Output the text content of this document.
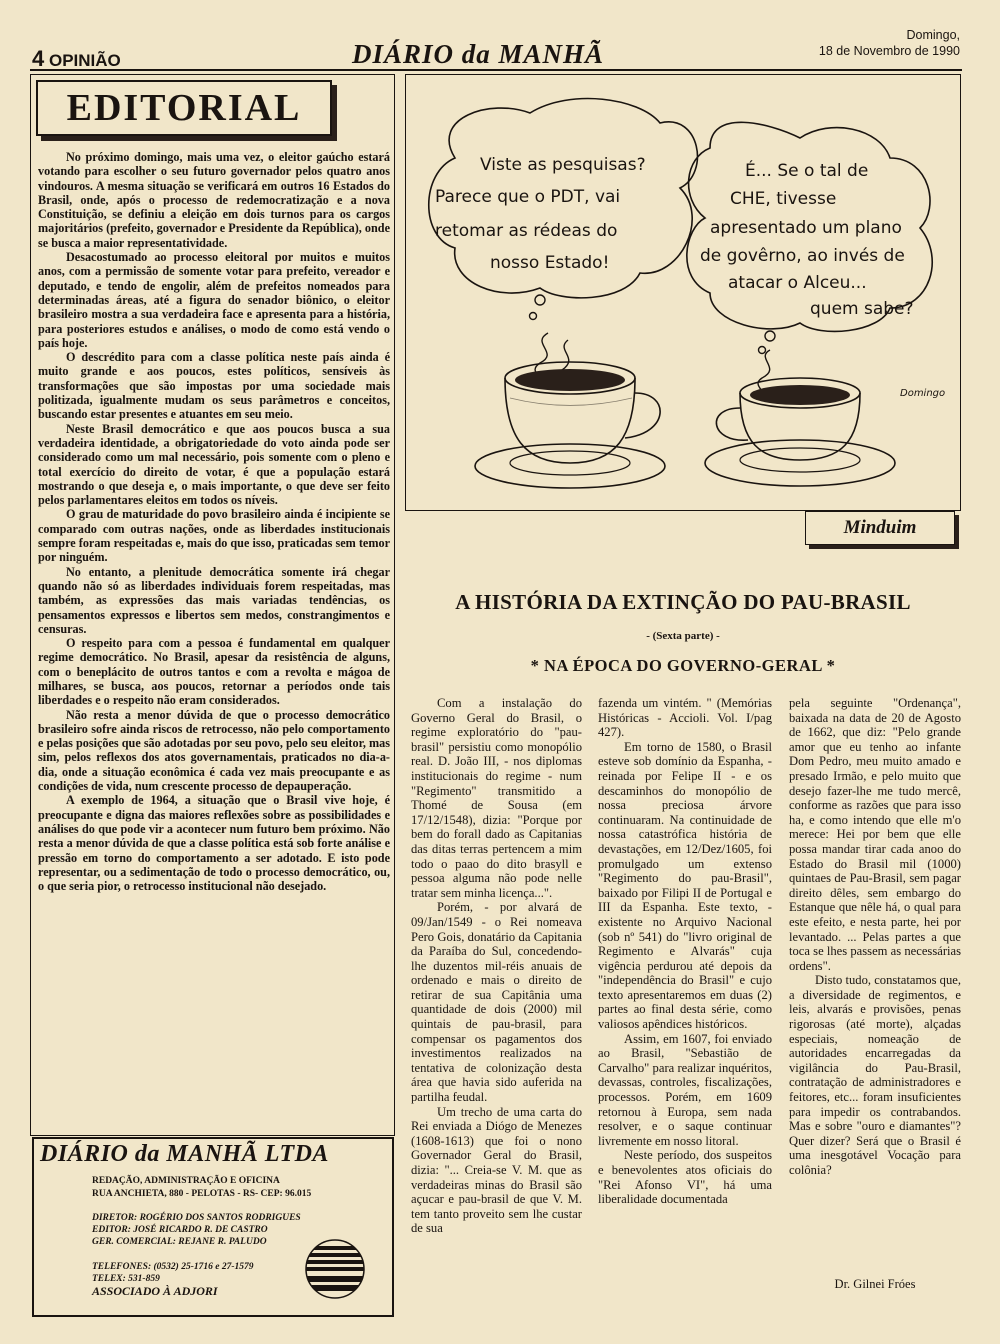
4 OPINIÃO	DIÁRIO da MANHÃ
Domingo,
18 de Novembro de 1990
EDITORIAL

No próximo domingo, mais uma vez, o eleitor gaúcho estará votando para escolher o seu futuro governador pelos quatro anos vindouros. A mesma situação se verificará em outros 16 Estados do Brasil, onde, após o processo de redemocratização e a nova Constituição, se definiu a eleição em dois turnos para os cargos majoritários (prefeito, governador e Presidente da República), onde se busca a maior representatividade.

Desacostumado ao processo eleitoral por muitos e muitos anos, com a permissão de somente votar para prefeito, vereador e deputado, e tendo de engolir, além de prefeitos nomeados para determinadas áreas, até a figura do senador biônico, o eleitor brasileiro mostra a sua verdadeira face e apresenta para a história, para posteriores estudos e análises, o modo de como está vendo o país hoje.

O descrédito para com a classe política neste país ainda é muito grande e aos poucos, estes políticos, sensíveis às transformações que são impostas por uma sociedade mais politizada, igualmente mudam os seus parâmetros e conceitos, buscando estar presentes e atuantes em seu meio.

Neste Brasil democrático e que aos poucos busca a sua verdadeira identidade, a obrigatoriedade do voto ainda pode ser considerado como um mal necessário, pois somente com o pleno e total exercício do direito de votar, é que a população estará mostrando o que deseja e, o mais importante, o que deve ser feito pelos parlamentares eleitos em todos os níveis.

O grau de maturidade do povo brasileiro ainda é incipiente se comparado com outras nações, onde as liberdades institucionais sempre foram respeitadas e, mais do que isso, praticadas sem temor por ninguém.

No entanto, a plenitude democrática somente irá chegar quando não só as liberdades individuais forem respeitadas, mas também, as expressões das mais variadas tendências, os pensamentos expressos e libertos sem medos, constrangimentos e censuras.

O respeito para com a pessoa é fundamental em qualquer regime democrático. No Brasil, apesar da resistência de alguns, com o beneplácito de outros tantos e com a revolta e mágoa de milhares, se busca, aos poucos, retornar a períodos onde tais liberdades e o respeito não eram considerados.

Não resta a menor dúvida de que o processo democrático brasileiro sofre ainda riscos de retrocesso, não pelo comportamento e pelas posições que são adotadas por seu povo, pelo seu eleitor, mas sim, pelos reflexos dos atos governamentais, praticados no dia-a-dia, onde a situação econômica é cada vez mais preocupante e as condições de vida, num crescente processo de depauperação.

A exemplo de 1964, a situação que o Brasil vive hoje, é preocupante e digna das maiores reflexões sobre as possibilidades e análises do que pode vir a acontecer num futuro bem próximo. Não resta a menor dúvida de que a classe política está sob forte análise e pressão em torno do comportamento a ser adotado. E isto pode representar, ou a sedimentação de todo o processo democrático, ou, o que seria pior, o retrocesso institucional não desejado.

DIÁRIO da MANHÃ LTDA
REDAÇÃO, ADMINISTRAÇÃO E OFICINA
RUA ANCHIETA, 880 - PELOTAS - RS- CEP: 96.015
DIRETOR: ROGÉRIO DOS SANTOS RODRIGUES
EDITOR: JOSÉ RICARDO R. DE CASTRO
GER. COMERCIAL: REJANE R. PALUDO
TELEFONES: (0532) 25-1716 e 27-1579
TELEX: 531-859
ASSOCIADO À ADJORI
Viste as pesquisas?
Parece que o PDT, vai
retomar as rédeas do
nosso Estado!
É... Se o tal de
CHE, tivesse
apresentado um plano
de govêrno, ao invés de
atacar o Alceu...
quem sabe?
Domingo
Minduim
A HISTÓRIA DA EXTINÇÃO DO PAU-BRASIL
- (Sexta parte) -
* NA ÉPOCA DO GOVERNO-GERAL *

Com a instalação do Governo Geral do Brasil, o regime exploratório do "pau-brasil" persistiu como monopólio real. D. João III, - nos diplomas institucionais do regime - num "Regimento" transmitido a Thomé de Sousa (em 17/12/1548), dizia: "Porque por bem do forall dado as Capitanias das ditas terras pertencem a mim todo o paao do dito brasyll e pessoa alguma não pode nelle tratar sem minha licença...".

Porém, - por alvará de 09/Jan/1549 - o Rei nomeava Pero Gois, donatário da Capitania da Paraíba do Sul, concedendo-lhe duzentos mil-réis anuais de ordenado e mais o direito de retirar de sua Capitânia uma quantidade de dois (2000) mil quintais de pau-brasil, para compensar os pagamentos dos investimentos realizados na tentativa de colonização desta área que havia sido auferida na partilha feudal.

Um trecho de uma carta do Rei enviada a Diógo de Menezes (1608-1613) que foi o nono Governador Geral do Brasil, dizia: "... Creia-se V. M. que as verdadeiras minas do Brasil são açucar e pau-brasil de que V. M. tem tanto proveito sem lhe custar de sua

fazenda um vintém. " (Memórias Históricas - Accioli. Vol. I/pag 427).

Em torno de 1580, o Brasil esteve sob domínio da Espanha, - reinada por Felipe II - e os descaminhos do monopólio de nossa preciosa árvore continuaram. Na continuidade de nossa catastrófica história de devastações, em 12/Dez/1605, foi promulgado um extenso "Regimento do pau-Brasil", baixado por Filipi II de Portugal e III da Espanha. Este texto, - existente no Arquivo Nacional (sob nº 541) do "livro original de Regimento e Alvarás" cuja vigência perdurou até depois da "independência do Brasil" e cujo texto apresentaremos em duas (2) partes ao final desta série, como valiosos apêndices históricos.

Assim, em 1607, foi enviado ao Brasil, "Sebastião de Carvalho" para realizar inquéritos, devassas, controles, fiscalizações, processos. Porém, em 1609 retornou à Europa, sem nada resolver, e o saque continuar livremente em nosso litoral.

Neste período, dos suspeitos e benevolentes atos oficiais do "Rei Afonso VI", há uma liberalidade documentada

pela seguinte "Ordenança", baixada na data de 20 de Agosto de 1662, que diz: "Pelo grande amor que eu tenho ao infante Dom Pedro, meu muito amado e presado Irmão, e pelo muito que desejo fazer-lhe me tudo mercê, conforme as razões que para isso ha, e como intendo que elle m'o merece: Hei por bem que elle possa mandar tirar cada anoo do Estado do Brasil mil (1000) quintaes de Pau-Brasil, sem pagar direito dêles, sem embargo do Estanque que nêle há, o qual para este efeito, e nesta parte, hei por levantado. ... Pelas partes a que toca se lhes passem as necessárias ordens".

Disto tudo, constatamos que, a diversidade de regimentos, e leis, alvarás e provisões, penas rigorosas (até morte), alçadas especiais, nomeação de autoridades encarregadas da vigilância do Pau-Brasil, contratação de administradores e feitores, etc... foram insuficientes para impedir os contrabandos. Mas e sobre "ouro e diamantes"? Quer dizer? Será que o Brasil é uma inesgotável Vocação para colônia?

Dr. Gilnei Fróes
